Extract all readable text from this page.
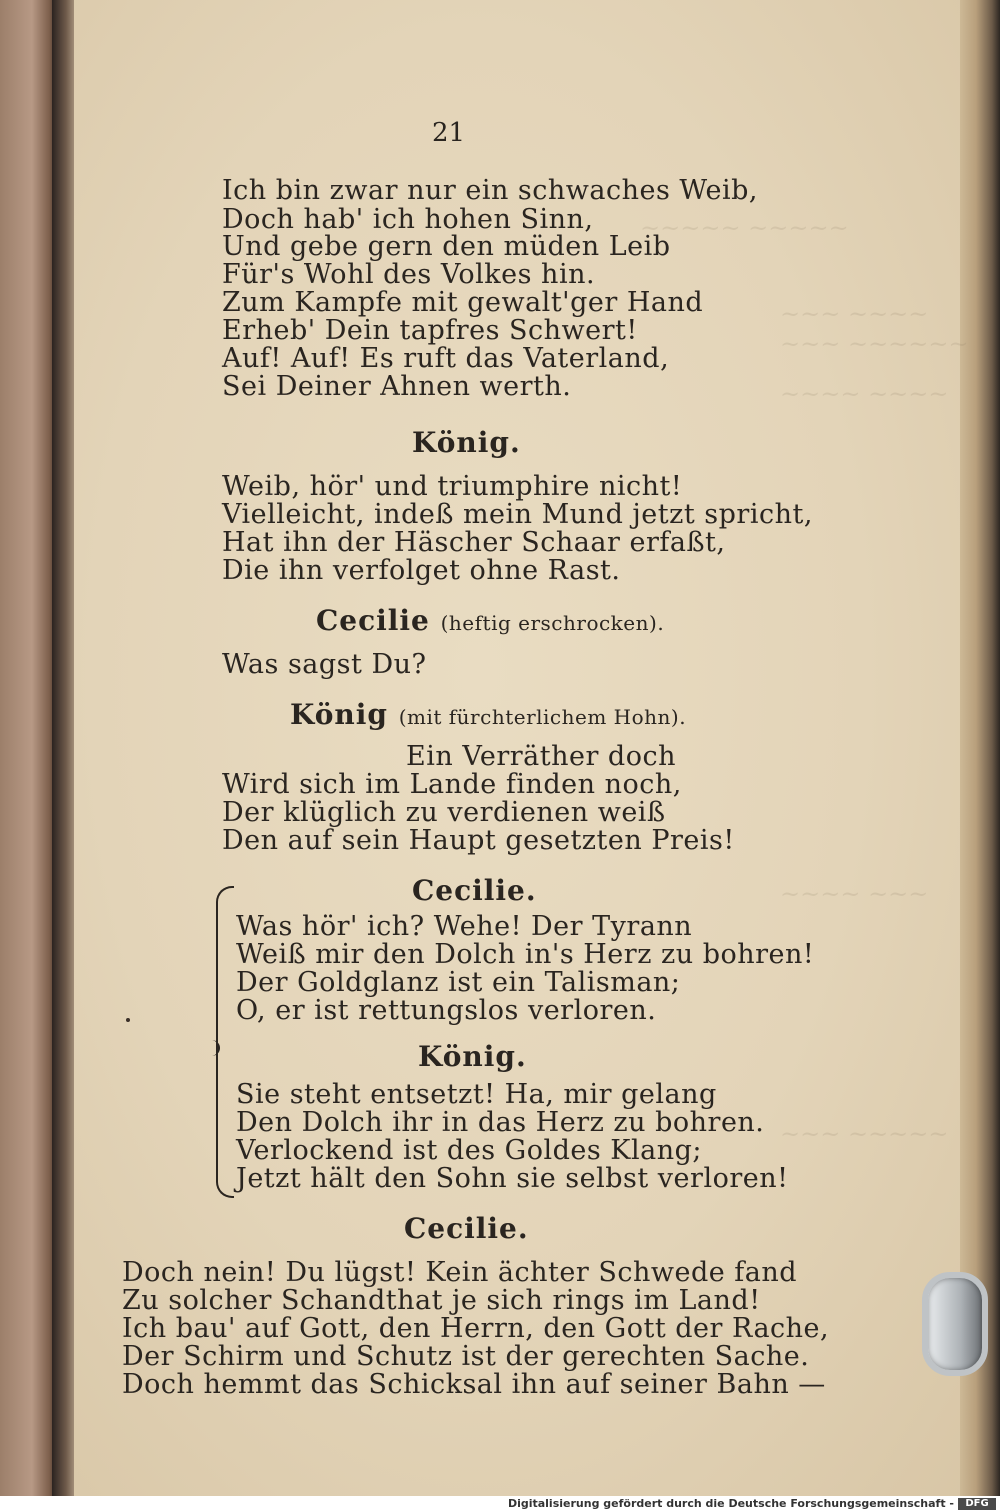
~~~~~ ~~~~~
~~~ ~~~~
~~~ ~~~~~~
~~~~ ~~~~
~~~~ ~~~
~~~ ~~~~~
21
Ich bin zwar nur ein schwaches Weib,
Doch hab' ich hohen Sinn,
Und gebe gern den müden Leib
Für's Wohl des Volkes hin.
Zum Kampfe mit gewalt'ger Hand
Erheb' Dein tapfres Schwert!
Auf! Auf! Es ruft das Vaterland,
Sei Deiner Ahnen werth.
König.
Weib, hör' und triumphire nicht!
Vielleicht, indeß mein Mund jetzt spricht,
Hat ihn der Häscher Schaar erfaßt,
Die ihn verfolget ohne Rast.
Cecilie (heftig erschrocken).
Was sagst Du?
König (mit fürchterlichem Hohn).
Ein Verräther doch
Wird sich im Lande finden noch,
Der klüglich zu verdienen weiß
Den auf sein Haupt gesetzten Preis!
Cecilie.
Was hör' ich? Wehe! Der Tyrann
Weiß mir den Dolch in's Herz zu bohren!
Der Goldglanz ist ein Talisman;
O, er ist rettungslos verloren.
König.
Sie steht entsetzt! Ha, mir gelang
Den Dolch ihr in das Herz zu bohren.
Verlockend ist des Goldes Klang;
Jetzt hält den Sohn sie selbst verloren!
Cecilie.
Doch nein! Du lügst! Kein ächter Schwede fand
Zu solcher Schandthat je sich rings im Land!
Ich bau' auf Gott, den Herrn, den Gott der Rache,
Der Schirm und Schutz ist der gerechten Sache.
Doch hemmt das Schicksal ihn auf seiner Bahn —
Digitalisierung gefördert durch die Deutsche Forschungsgemeinschaft -	DFG
